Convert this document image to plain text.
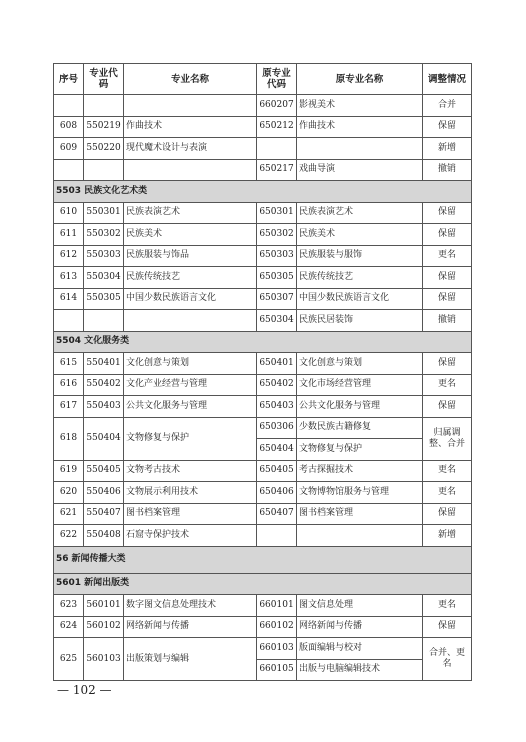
序号	专业代码	专业名称	原专业代码	原专业名称	调整情况
			660207	影视美术	合并
608	550219	作曲技术	650212	作曲技术	保留
609	550220	现代魔术设计与表演			新增
			650217	戏曲导演	撤销
5503 民族文化艺术类					
610	550301	民族表演艺术	650301	民族表演艺术	保留
611	550302	民族美术	650302	民族美术	保留
612	550303	民族服装与饰品	650303	民族服装与服饰	更名
613	550304	民族传统技艺	650305	民族传统技艺	保留
614	550305	中国少数民族语言文化	650307	中国少数民族语言文化	保留
			650304	民族民居装饰	撤销
5504 文化服务类					
615	550401	文化创意与策划	650401	文化创意与策划	保留
616	550402	文化产业经营与管理	650402	文化市场经营管理	更名
617	550403	公共文化服务与管理	650403	公共文化服务与管理	保留
618	550404	文物修复与保护	650306	少数民族古籍修复	归属调整、合并
			650404	文物修复与保护	
619	550405	文物考古技术	650405	考古探掘技术	更名
620	550406	文物展示利用技术	650406	文物博物馆服务与管理	更名
621	550407	图书档案管理	650407	图书档案管理	保留
622	550408	石窟寺保护技术			新增
56 新闻传播大类					
5601 新闻出版类					
623	560101	数字图文信息处理技术	660101	图文信息处理	更名
624	560102	网络新闻与传播	660102	网络新闻与传播	保留
625	560103	出版策划与编辑	660103	版面编辑与校对	合并、更名
			660105	出版与电脑编辑技术	
— 102 —
